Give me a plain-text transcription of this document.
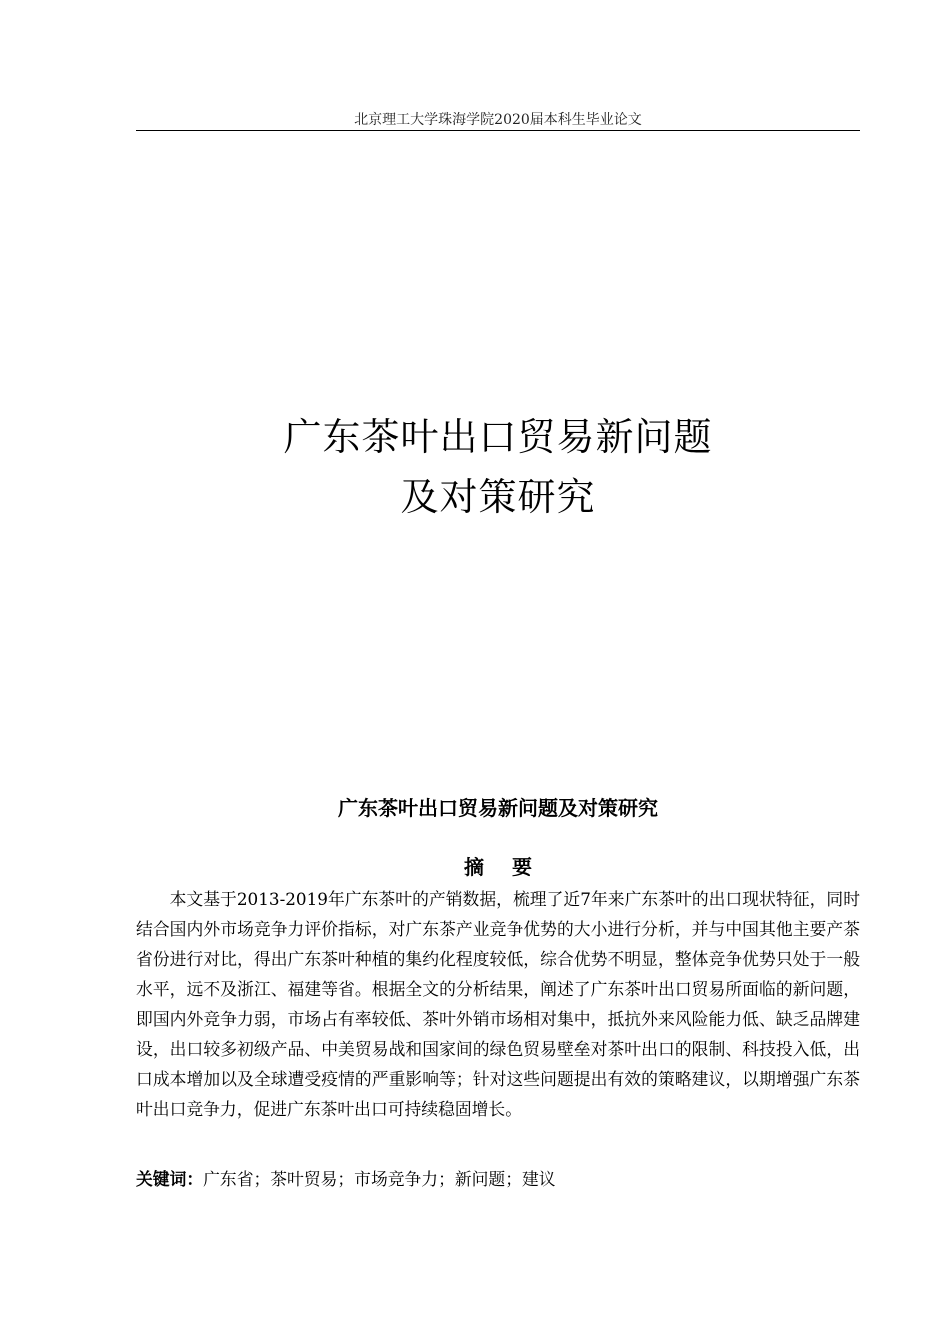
北京理工大学珠海学院2020届本科生毕业论文
广东茶叶出口贸易新问题
及对策研究
广东茶叶出口贸易新问题及对策研究
摘要

本文基于2013-2019年广东茶叶的产销数据，梳理了近7年来广东茶叶的出口现状特征，同时结合国内外市场竞争力评价指标，对广东茶产业竞争优势的大小进行分析，并与中国其他主要产茶省份进行对比，得出广东茶叶种植的集约化程度较低，综合优势不明显，整体竞争优势只处于一般水平，远不及浙江、福建等省。根据全文的分析结果，阐述了广东茶叶出口贸易所面临的新问题，即国内外竞争力弱，市场占有率较低、茶叶外销市场相对集中，抵抗外来风险能力低、缺乏品牌建设，出口较多初级产品、中美贸易战和国家间的绿色贸易壁垒对茶叶出口的限制、科技投入低，出口成本增加以及全球遭受疫情的严重影响等；针对这些问题提出有效的策略建议，以期增强广东茶叶出口竞争力，促进广东茶叶出口可持续稳固增长。

关键词：广东省；茶叶贸易；市场竞争力；新问题；建议
